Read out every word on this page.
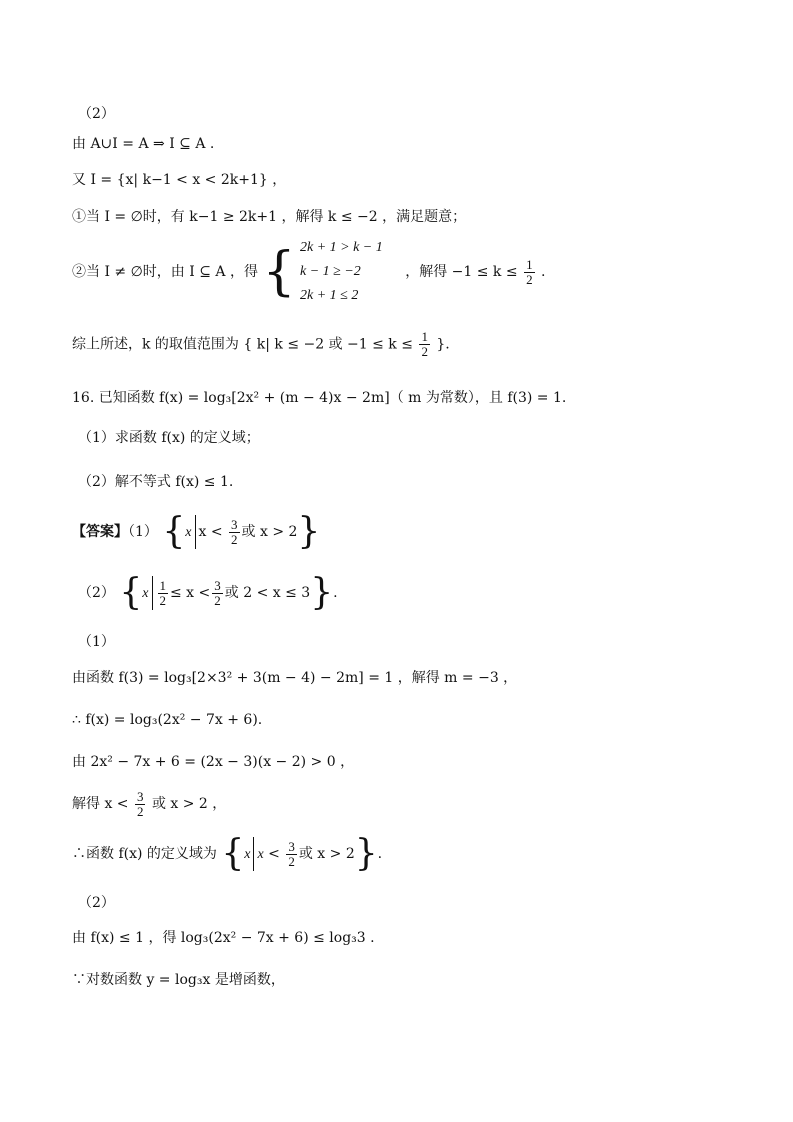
（2）
由 A∪I = A ⇒ I ⊆ A .
又 I = {x| k−1 < x < 2k+1} ，
①当 I = ∅时，有 k−1 ≥ 2k+1 ，解得 k ≤ −2 ，满足题意；
②当 I ≠ ∅时，由 I ⊆ A ，得 { 2k + 1 > k − 1
k − 1 ≥ −2
2k + 1 ≤ 2
，解得 $-1 \le k \le \frac{1}{2}$ .
综上所述，k 的取值范围为 { k| k ≤ −2 或 $-1 \le k \le \frac{1}{2}$ }.
16. 已知函数 f(x) = log₃[2x² + (m − 4)x − 2m]（ m 为常数），且 f(3) = 1.
（1）求函数 f(x) 的定义域；
（2）解不等式 f(x) ≤ 1.
【答案】（1） {x $x < \frac{3}{2}$ 或 x > 2}
（2） {$x \frac{1}{2} \le x < \frac{3}{2}$ 或 2 < x ≤ 3}.
（1）
由函数 f(3) = log₃[2×3² + 3(m − 4) − 2m] = 1 ，解得 m = −3 ，
∴ f(x) = log₃(2x² − 7x + 6).
由 2x² − 7x + 6 = (2x − 3)(x − 2) > 0 ，
解得 $x < \frac{3}{2}$ 或 x > 2 ，
∴函数 f(x) 的定义域为 {x $x < \frac{3}{2}$ 或 x > 2}.
（2）
由 f(x) ≤ 1 ，得 log₃(2x² − 7x + 6) ≤ log₃3 .
∵对数函数 y = log₃x 是增函数，
